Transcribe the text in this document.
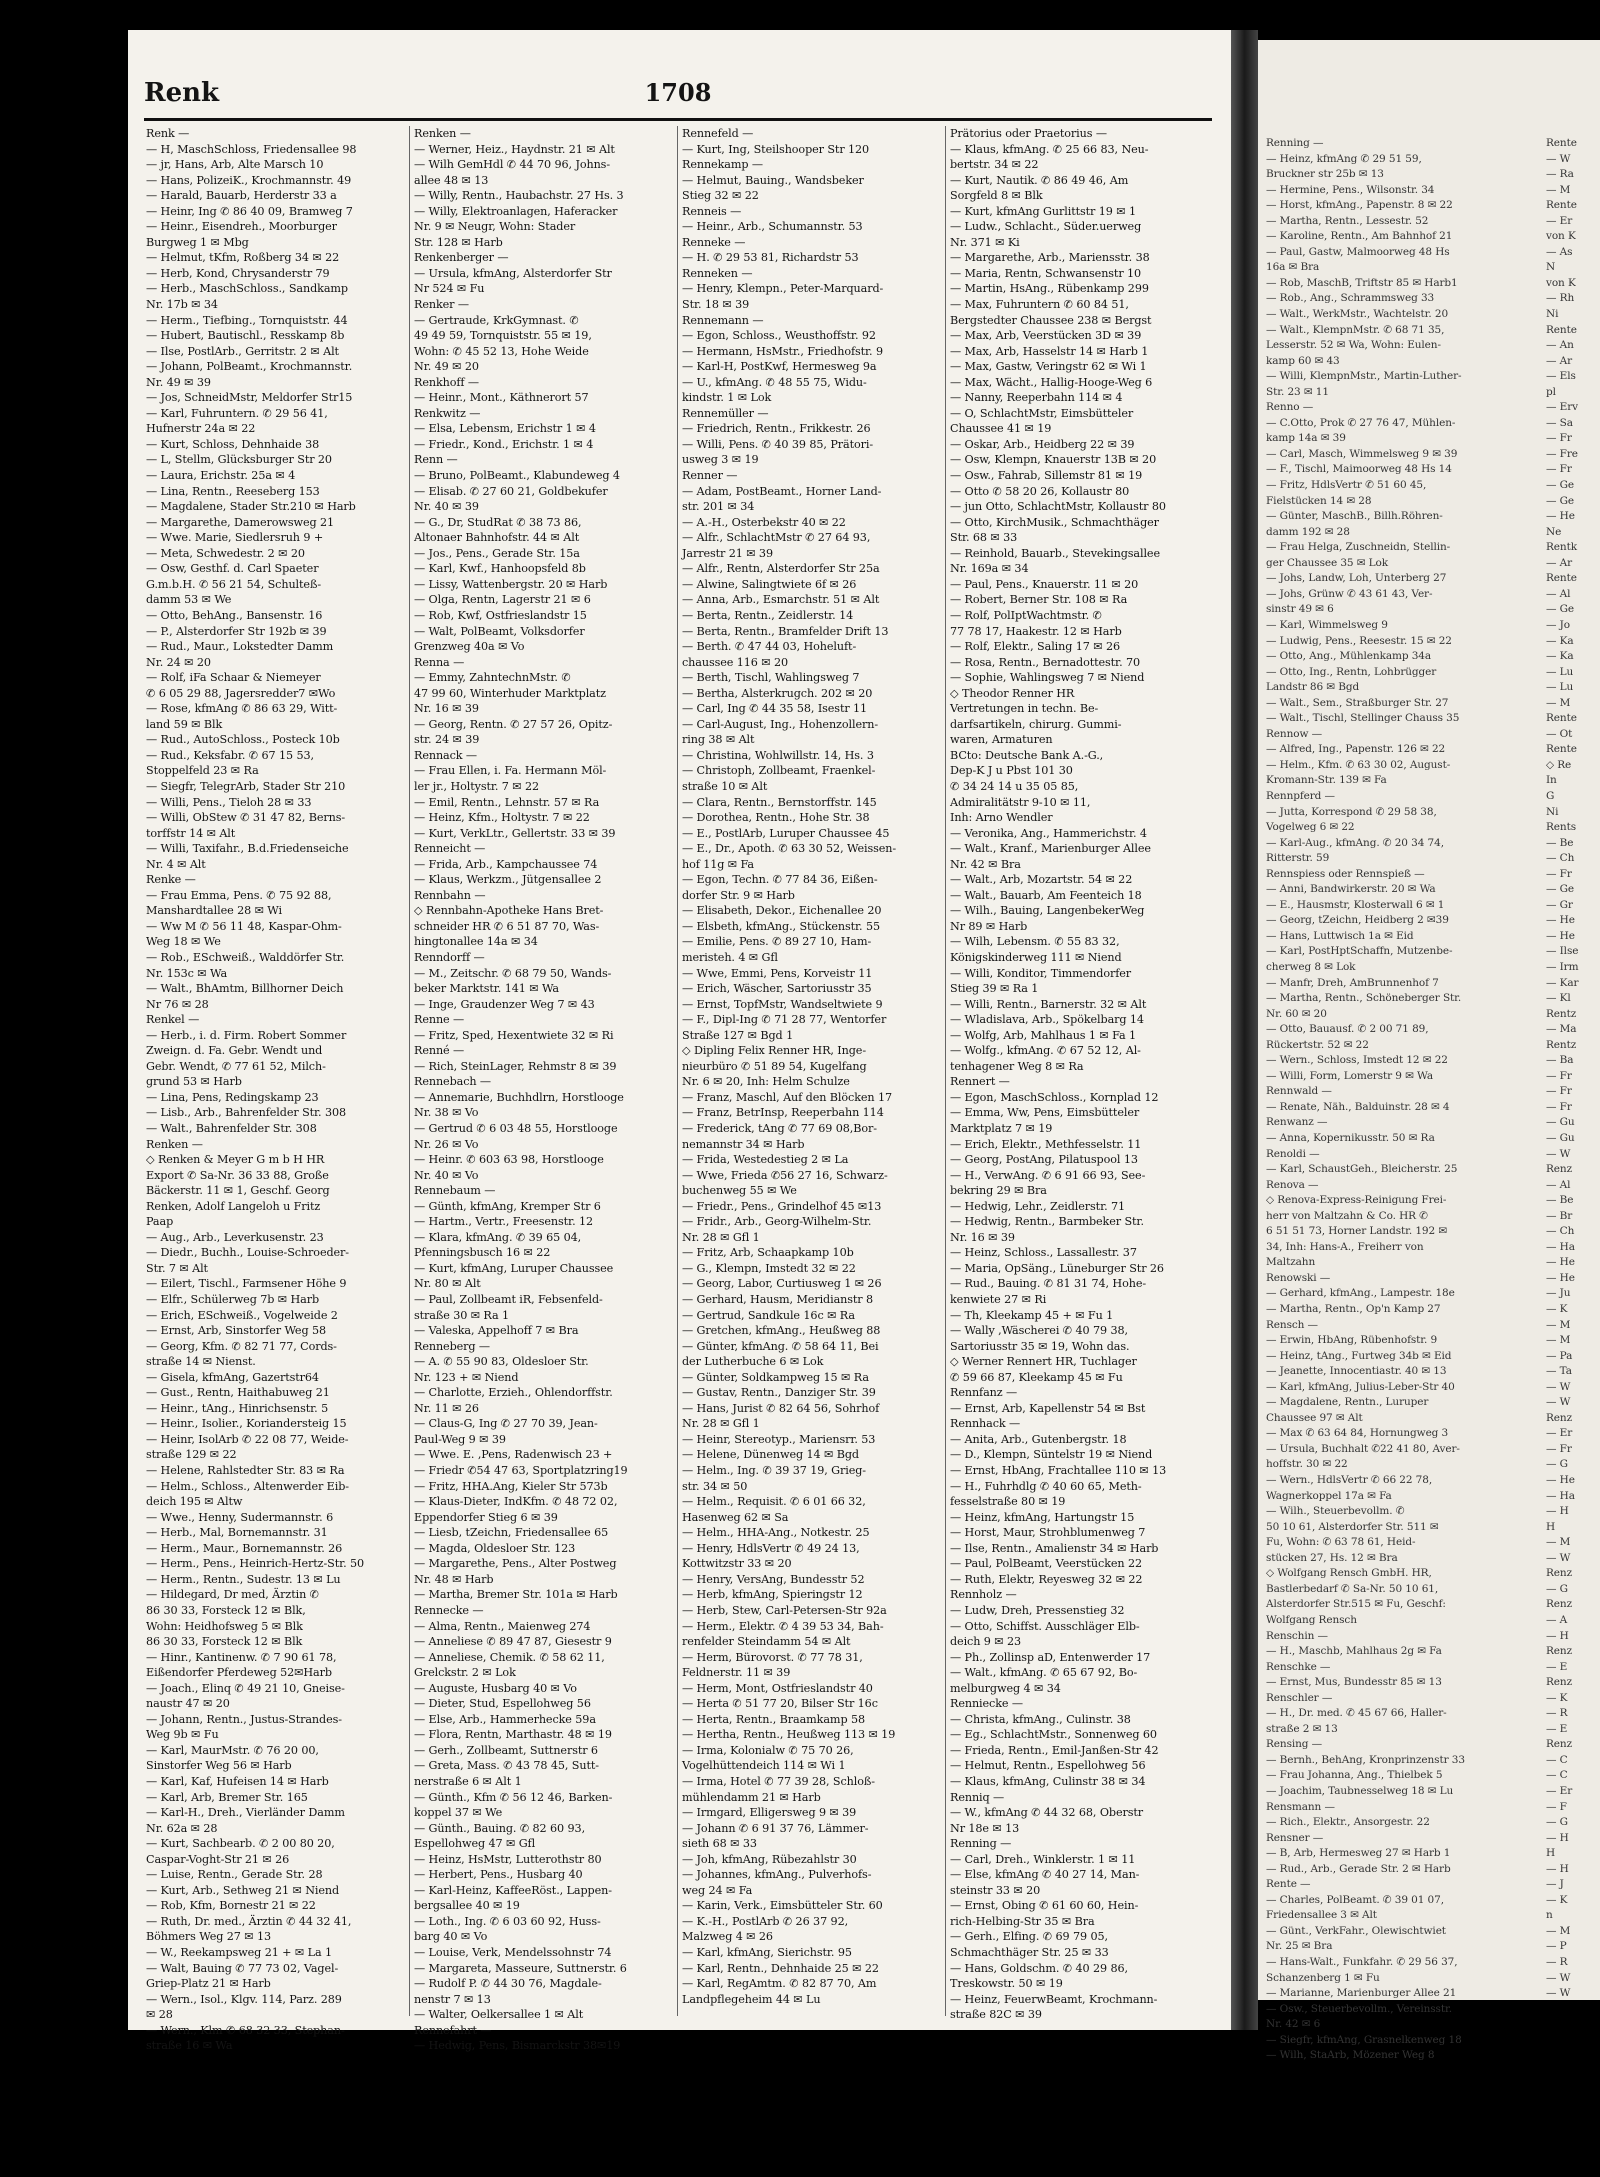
Renk	1708
Renk —
— H, MaschSchloss, Friedensallee 98
— jr, Hans, Arb, Alte Marsch 10
— Hans, PolizeiK., Krochmannstr. 49
— Harald, Bauarb, Herderstr 33 a
— Heinr, Ing ✆ 86 40 09, Bramweg 7
— Heinr., Eisendreh., Moorburger
Burgweg 1 ✉ Mbg
— Helmut, tKfm, Roßberg 34 ✉ 22
— Herb, Kond, Chrysanderstr 79
— Herb., MaschSchloss., Sandkamp
Nr. 17b ✉ 34
— Herm., Tiefbing., Tornquiststr. 44
— Hubert, Bautischl., Resskamp 8b
— Ilse, PostlArb., Gerritstr. 2 ✉ Alt
— Johann, PolBeamt., Krochmannstr.
Nr. 49 ✉ 39
— Jos, SchneidMstr, Meldorfer Str15
— Karl, Fuhruntern. ✆ 29 56 41,
Hufnerstr 24a ✉ 22
— Kurt, Schloss, Dehnhaide 38
— L, Stellm, Glücksburger Str 20
— Laura, Erichstr. 25a ✉ 4
— Lina, Rentn., Reeseberg 153
— Magdalene, Stader Str.210 ✉ Harb
— Margarethe, Damerowsweg 21
— Wwe. Marie, Siedlersruh 9 +
— Meta, Schwedestr. 2 ✉ 20
— Osw, Gesthf. d. Carl Spaeter
G.m.b.H. ✆ 56 21 54, Schulteß-
damm 53 ✉ We
— Otto, BehAng., Bansenstr. 16
— P., Alsterdorfer Str 192b ✉ 39
— Rud., Maur., Lokstedter Damm
Nr. 24 ✉ 20
— Rolf, iFa Schaar & Niemeyer
✆ 6 05 29 88, Jagersredder7 ✉Wo
— Rose, kfmAng ✆ 86 63 29, Witt-
land 59 ✉ Blk
— Rud., AutoSchloss., Posteck 10b
— Rud., Keksfabr. ✆ 67 15 53,
Stoppelfeld 23 ✉ Ra
— Siegfr, TelegrArb, Stader Str 210
— Willi, Pens., Tieloh 28 ✉ 33
— Willi, ObStew ✆ 31 47 82, Berns-
torffstr 14 ✉ Alt
— Willi, Taxifahr., B.d.Friedenseiche
Nr. 4 ✉ Alt
Renke —
— Frau Emma, Pens. ✆ 75 92 88,
Manshardtallee 28 ✉ Wi
— Ww M ✆ 56 11 48, Kaspar-Ohm-
Weg 18 ✉ We
— Rob., ESchweiß., Walddörfer Str.
Nr. 153c ✉ Wa
— Walt., BhAmtm, Billhorner Deich
Nr 76 ✉ 28
Renkel —
— Herb., i. d. Firm. Robert Sommer
Zweign. d. Fa. Gebr. Wendt und
Gebr. Wendt, ✆ 77 61 52, Milch-
grund 53 ✉ Harb
— Lina, Pens, Redingskamp 23
— Lisb., Arb., Bahrenfelder Str. 308
— Walt., Bahrenfelder Str. 308
Renken —
◇ Renken & Meyer G m b H HR
Export ✆ Sa-Nr. 36 33 88, Große
Bäckerstr. 11 ✉ 1, Geschf. Georg
Renken, Adolf Langeloh u Fritz
Paap
— Aug., Arb., Leverkusenstr. 23
— Diedr., Buchh., Louise-Schroeder-
Str. 7 ✉ Alt
— Eilert, Tischl., Farmsener Höhe 9
— Elfr., Schülerweg 7b ✉ Harb
— Erich, ESchweiß., Vogelweide 2
— Ernst, Arb, Sinstorfer Weg 58
— Georg, Kfm. ✆ 82 71 77, Cords-
straße 14 ✉ Nienst.
— Gisela, kfmAng, Gazertstr64
— Gust., Rentn, Haithabuweg 21
— Heinr., tAng., Hinrichsenstr. 5
— Heinr., Isolier., Koriandersteig 15
— Heinr, IsolArb ✆ 22 08 77, Weide-
straße 129 ✉ 22
— Helene, Rahlstedter Str. 83 ✉ Ra
— Helm., Schloss., Altenwerder Eib-
deich 195 ✉ Altw
— Wwe., Henny, Sudermannstr. 6
— Herb., Mal, Bornemannstr. 31
— Herm., Maur., Bornemannstr. 26
— Herm., Pens., Heinrich-Hertz-Str. 50
— Herm., Rentn., Sudestr. 13 ✉ Lu
— Hildegard, Dr med, Ärztin ✆
86 30 33, Forsteck 12 ✉ Blk,
Wohn: Heidhofsweg 5 ✉ Blk
86 30 33, Forsteck 12 ✉ Blk
— Hinr., Kantinenw. ✆ 7 90 61 78,
Eißendorfer Pferdeweg 52✉Harb
— Joach., Elinq ✆ 49 21 10, Gneise-
naustr 47 ✉ 20
— Johann, Rentn., Justus-Strandes-
Weg 9b ✉ Fu
— Karl, MaurMstr. ✆ 76 20 00,
Sinstorfer Weg 56 ✉ Harb
— Karl, Kaf, Hufeisen 14 ✉ Harb
— Karl, Arb, Bremer Str. 165
— Karl-H., Dreh., Vierländer Damm
Nr. 62a ✉ 28
— Kurt, Sachbearb. ✆ 2 00 80 20,
Caspar-Voght-Str 21 ✉ 26
— Luise, Rentn., Gerade Str. 28
— Kurt, Arb., Sethweg 21 ✉ Niend
— Rob, Kfm, Bornestr 21 ✉ 22
— Ruth, Dr. med., Ärztin ✆ 44 32 41,
Böhmers Weg 27 ✉ 13
— W., Reekampsweg 21 + ✉ La 1
— Walt, Bauing ✆ 77 73 02, Vagel-
Griep-Platz 21 ✉ Harb
— Wern., Isol., Klgv. 114, Parz. 289
✉ 28
— Wern., Klm ✆ 68 32 33, Stephan-
straße 16 ✉ Wa
Renken —
— Werner, Heiz., Haydnstr. 21 ✉ Alt
— Wilh GemHdl ✆ 44 70 96, Johns-
allee 48 ✉ 13
— Willy, Rentn., Haubachstr. 27 Hs. 3
— Willy, Elektroanlagen, Haferacker
Nr. 9 ✉ Neugr, Wohn: Stader
Str. 128 ✉ Harb
Renkenberger —
— Ursula, kfmAng, Alsterdorfer Str
Nr 524 ✉ Fu
Renker —
— Gertraude, KrkGymnast. ✆
49 49 59, Tornquiststr. 55 ✉ 19,
Wohn: ✆ 45 52 13, Hohe Weide
Nr. 49 ✉ 20
Renkhoff —
— Heinr., Mont., Käthnerort 57
Renkwitz —
— Elsa, Lebensm, Erichstr 1 ✉ 4
— Friedr., Kond., Erichstr. 1 ✉ 4
Renn —
— Bruno, PolBeamt., Klabundeweg 4
— Elisab. ✆ 27 60 21, Goldbekufer
Nr. 40 ✉ 39
— G., Dr, StudRat ✆ 38 73 86,
Altonaer Bahnhofstr. 44 ✉ Alt
— Jos., Pens., Gerade Str. 15a
— Karl, Kwf., Hanhoopsfeld 8b
— Lissy, Wattenbergstr. 20 ✉ Harb
— Olga, Rentn, Lagerstr 21 ✉ 6
— Rob, Kwf, Ostfrieslandstr 15
— Walt, PolBeamt, Volksdorfer
Grenzweg 40a ✉ Vo
Renna —
— Emmy, ZahntechnMstr. ✆
47 99 60, Winterhuder Marktplatz
Nr. 16 ✉ 39
— Georg, Rentn. ✆ 27 57 26, Opitz-
str. 24 ✉ 39
Rennack —
— Frau Ellen, i. Fa. Hermann Möl-
ler jr., Holtystr. 7 ✉ 22
— Emil, Rentn., Lehnstr. 57 ✉ Ra
— Heinz, Kfm., Holtystr. 7 ✉ 22
— Kurt, VerkLtr., Gellertstr. 33 ✉ 39
Renneicht —
— Frida, Arb., Kampchaussee 74
— Klaus, Werkzm., Jütgensallee 2
Rennbahn —
◇ Rennbahn-Apotheke Hans Bret-
schneider HR ✆ 6 51 87 70, Was-
hingtonallee 14a ✉ 34
Renndorff —
— M., Zeitschr. ✆ 68 79 50, Wands-
beker Marktstr. 141 ✉ Wa
— Inge, Graudenzer Weg 7 ✉ 43
Renne —
— Fritz, Sped, Hexentwiete 32 ✉ Ri
Renné —
— Rich, SteinLager, Rehmstr 8 ✉ 39
Rennebach —
— Annemarie, Buchhdlrn, Horstlooge
Nr. 38 ✉ Vo
— Gertrud ✆ 6 03 48 55, Horstlooge
Nr. 26 ✉ Vo
— Heinr. ✆ 603 63 98, Horstlooge
Nr. 40 ✉ Vo
Rennebaum —
— Günth, kfmAng, Kremper Str 6
— Hartm., Vertr., Freesenstr. 12
— Klara, kfmAng. ✆ 39 65 04,
Pfenningsbusch 16 ✉ 22
— Kurt, kfmAng, Luruper Chaussee
Nr. 80 ✉ Alt
— Paul, Zollbeamt iR, Febsenfeld-
straße 30 ✉ Ra 1
— Valeska, Appelhoff 7 ✉ Bra
Renneberg —
— A. ✆ 55 90 83, Oldesloer Str.
Nr. 123 + ✉ Niend
— Charlotte, Erzieh., Ohlendorffstr.
Nr. 11 ✉ 26
— Claus-G, Ing ✆ 27 70 39, Jean-
Paul-Weg 9 ✉ 39
— Wwe. E. ,Pens, Radenwisch 23 +
— Friedr ✆54 47 63, Sportplatzring19
— Fritz, HHA.Ang, Kieler Str 573b
— Klaus-Dieter, IndKfm. ✆ 48 72 02,
Eppendorfer Stieg 6 ✉ 39
— Liesb, tZeichn, Friedensallee 65
— Magda, Oldesloer Str. 123
— Margarethe, Pens., Alter Postweg
Nr. 48 ✉ Harb
— Martha, Bremer Str. 101a ✉ Harb
Rennecke —
— Alma, Rentn., Maienweg 274
— Anneliese ✆ 89 47 87, Giesestr 9
— Anneliese, Chemik. ✆ 58 62 11,
Grelckstr. 2 ✉ Lok
— Auguste, Husbarg 40 ✉ Vo
— Dieter, Stud, Espellohweg 56
— Else, Arb., Hammerhecke 59a
— Flora, Rentn, Marthastr. 48 ✉ 19
— Gerh., Zollbeamt, Suttnerstr 6
— Greta, Mass. ✆ 43 78 45, Sutt-
nerstraße 6 ✉ Alt 1
— Günth., Kfm ✆ 56 12 46, Barken-
koppel 37 ✉ We
— Günth., Bauing. ✆ 82 60 93,
Espellohweg 47 ✉ Gfl
— Heinz, HsMstr, Lutterothstr 80
— Herbert, Pens., Husbarg 40
— Karl-Heinz, KaffeeRöst., Lappen-
bergsallee 40 ✉ 19
— Loth., Ing. ✆ 6 03 60 92, Huss-
barg 40 ✉ Vo
— Louise, Verk, Mendelssohnstr 74
— Margareta, Masseure, Suttnerstr. 6
— Rudolf P. ✆ 44 30 76, Magdale-
nenstr 7 ✉ 13
— Walter, Oelkersallee 1 ✉ Alt
Rennefahrt —
— Hedwig, Pens, Bismarckstr 38✉19
Rennefeld —
— Kurt, Ing, Steilshooper Str 120
Rennekamp —
— Helmut, Bauing., Wandsbeker
Stieg 32 ✉ 22
Renneis —
— Heinr., Arb., Schumannstr. 53
Renneke —
— H. ✆ 29 53 81, Richardstr 53
Renneken —
— Henry, Klempn., Peter-Marquard-
Str. 18 ✉ 39
Rennemann —
— Egon, Schloss., Weusthoffstr. 92
— Hermann, HsMstr., Friedhofstr. 9
— Karl-H, PostKwf, Hermesweg 9a
— U., kfmAng. ✆ 48 55 75, Widu-
kindstr. 1 ✉ Lok
Rennemüller —
— Friedrich, Rentn., Frikkestr. 26
— Willi, Pens. ✆ 40 39 85, Prätori-
usweg 3 ✉ 19
Renner —
— Adam, PostBeamt., Horner Land-
str. 201 ✉ 34
— A.-H., Osterbekstr 40 ✉ 22
— Alfr., SchlachtMstr ✆ 27 64 93,
Jarrestr 21 ✉ 39
— Alfr., Rentn, Alsterdorfer Str 25a
— Alwine, Salingtwiete 6f ✉ 26
— Anna, Arb., Esmarchstr. 51 ✉ Alt
— Berta, Rentn., Zeidlerstr. 14
— Berta, Rentn., Bramfelder Drift 13
— Berth. ✆ 47 44 03, Hoheluft-
chaussee 116 ✉ 20
— Berth, Tischl, Wahlingsweg 7
— Bertha, Alsterkrugch. 202 ✉ 20
— Carl, Ing ✆ 44 35 58, Isestr 11
— Carl-August, Ing., Hohenzollern-
ring 38 ✉ Alt
— Christina, Wohlwillstr. 14, Hs. 3
— Christoph, Zollbeamt, Fraenkel-
straße 10 ✉ Alt
— Clara, Rentn., Bernstorffstr. 145
— Dorothea, Rentn., Hohe Str. 38
— E., PostlArb, Luruper Chaussee 45
— E., Dr., Apoth. ✆ 63 30 52, Weissen-
hof 11g ✉ Fa
— Egon, Techn. ✆ 77 84 36, Eißen-
dorfer Str. 9 ✉ Harb
— Elisabeth, Dekor., Eichenallee 20
— Elsbeth, kfmAng., Stückenstr. 55
— Emilie, Pens. ✆ 89 27 10, Ham-
meristeh. 4 ✉ Gfl
— Wwe, Emmi, Pens, Korveistr 11
— Erich, Wäscher, Sartoriusstr 35
— Ernst, TopfMstr, Wandseltwiete 9
— F., Dipl-Ing ✆ 71 28 77, Wentorfer
Straße 127 ✉ Bgd 1
◇ Dipling Felix Renner HR, Inge-
nieurbüro ✆ 51 89 54, Kugelfang
Nr. 6 ✉ 20, Inh: Helm Schulze
— Franz, Maschl, Auf den Blöcken 17
— Franz, BetrInsp, Reeperbahn 114
— Frederick, tAng ✆ 77 69 08,Bor-
nemannstr 34 ✉ Harb
— Frida, Westedestieg 2 ✉ La
— Wwe, Frieda ✆56 27 16, Schwarz-
buchenweg 55 ✉ We
— Friedr., Pens., Grindelhof 45 ✉13
— Fridr., Arb., Georg-Wilhelm-Str.
Nr. 28 ✉ Gfl 1
— Fritz, Arb, Schaapkamp 10b
— G., Klempn, Imstedt 32 ✉ 22
— Georg, Labor, Curtiusweg 1 ✉ 26
— Gerhard, Hausm, Meridianstr 8
— Gertrud, Sandkule 16c ✉ Ra
— Gretchen, kfmAng., Heußweg 88
— Günter, kfmAng. ✆ 58 64 11, Bei
der Lutherbuche 6 ✉ Lok
— Günter, Soldkampweg 15 ✉ Ra
— Gustav, Rentn., Danziger Str. 39
— Hans, Jurist ✆ 82 64 56, Sohrhof
Nr. 28 ✉ Gfl 1
— Heinr, Stereotyp., Mariensrr. 53
— Helene, Dünenweg 14 ✉ Bgd
— Helm., Ing. ✆ 39 37 19, Grieg-
str. 34 ✉ 50
— Helm., Requisit. ✆ 6 01 66 32,
Hasenweg 62 ✉ Sa
— Helm., HHA-Ang., Notkestr. 25
— Henry, HdlsVertr ✆ 49 24 13,
Kottwitzstr 33 ✉ 20
— Henry, VersAng, Bundesstr 52
— Herb, kfmAng, Spieringstr 12
— Herb, Stew, Carl-Petersen-Str 92a
— Herm., Elektr. ✆ 4 39 53 34, Bah-
renfelder Steindamm 54 ✉ Alt
— Herm, Bürovorst. ✆ 77 78 31,
Feldnerstr. 11 ✉ 39
— Herm, Mont, Ostfrieslandstr 40
— Herta ✆ 51 77 20, Bilser Str 16c
— Herta, Rentn., Braamkamp 58
— Hertha, Rentn., Heußweg 113 ✉ 19
— Irma, Kolonialw ✆ 75 70 26,
Vogelhüttendeich 114 ✉ Wi 1
— Irma, Hotel ✆ 77 39 28, Schloß-
mühlendamm 21 ✉ Harb
— Irmgard, Elligersweg 9 ✉ 39
— Johann ✆ 6 91 37 76, Lämmer-
sieth 68 ✉ 33
— Joh, kfmAng, Rübezahlstr 30
— Johannes, kfmAng., Pulverhofs-
weg 24 ✉ Fa
— Karin, Verk., Eimsbütteler Str. 60
— K.-H., PostlArb ✆ 26 37 92,
Malzweg 4 ✉ 26
— Karl, kfmAng, Sierichstr. 95
— Karl, Rentn., Dehnhaide 25 ✉ 22
— Karl, RegAmtm. ✆ 82 87 70, Am
Landpflegeheim 44 ✉ Lu
Prätorius oder Praetorius —
— Klaus, kfmAng. ✆ 25 66 83, Neu-
bertstr. 34 ✉ 22
— Kurt, Nautik. ✆ 86 49 46, Am
Sorgfeld 8 ✉ Blk
— Kurt, kfmAng Gurlittstr 19 ✉ 1
— Ludw., Schlacht., Süder.uerweg
Nr. 371 ✉ Ki
— Margarethe, Arb., Mariensstr. 38
— Maria, Rentn, Schwansenstr 10
— Martin, HsAng., Rübenkamp 299
— Max, Fuhruntern ✆ 60 84 51,
Bergstedter Chaussee 238 ✉ Bergst
— Max, Arb, Veerstücken 3D ✉ 39
— Max, Arb, Hasselstr 14 ✉ Harb 1
— Max, Gastw, Veringstr 62 ✉ Wi 1
— Max, Wächt., Hallig-Hooge-Weg 6
— Nanny, Reeperbahn 114 ✉ 4
— O, SchlachtMstr, Eimsbütteler
Chaussee 41 ✉ 19
— Oskar, Arb., Heidberg 22 ✉ 39
— Osw, Klempn, Knauerstr 13B ✉ 20
— Osw., Fahrab, Sillemstr 81 ✉ 19
— Otto ✆ 58 20 26, Kollaustr 80
— jun Otto, SchlachtMstr, Kollaustr 80
— Otto, KirchMusik., Schmachthäger
Str. 68 ✉ 33
— Reinhold, Bauarb., Stevekingsallee
Nr. 169a ✉ 34
— Paul, Pens., Knauerstr. 11 ✉ 20
— Robert, Berner Str. 108 ✉ Ra
— Rolf, PolIptWachtmstr. ✆
77 78 17, Haakestr. 12 ✉ Harb
— Rolf, Elektr., Saling 17 ✉ 26
— Rosa, Rentn., Bernadottestr. 70
— Sophie, Wahlingsweg 7 ✉ Niend
◇ Theodor Renner HR
Vertretungen in techn. Be-
darfsartikeln, chirurg. Gummi-
waren, Armaturen
BCto: Deutsche Bank A.-G.,
Dep-K J u Pbst 101 30
✆ 34 24 14 u 35 05 85,
Admiralitätstr 9-10 ✉ 11,
Inh: Arno Wendler
— Veronika, Ang., Hammerichstr. 4
— Walt., Kranf., Marienburger Allee
Nr. 42 ✉ Bra
— Walt., Arb, Mozartstr. 54 ✉ 22
— Walt., Bauarb, Am Feenteich 18
— Wilh., Bauing, LangenbekerWeg
Nr 89 ✉ Harb
— Wilh, Lebensm. ✆ 55 83 32,
Königskinderweg 111 ✉ Niend
— Willi, Konditor, Timmendorfer
Stieg 39 ✉ Ra 1
— Willi, Rentn., Barnerstr. 32 ✉ Alt
— Wladislava, Arb., Spökelbarg 14
— Wolfg, Arb, Mahlhaus 1 ✉ Fa 1
— Wolfg., kfmAng. ✆ 67 52 12, Al-
tenhagener Weg 8 ✉ Ra
Rennert —
— Egon, MaschSchloss., Kornplad 12
— Emma, Ww, Pens, Eimsbütteler
Marktplatz 7 ✉ 19
— Erich, Elektr., Methfesselstr. 11
— Georg, PostAng, Pilatuspool 13
— H., VerwAng. ✆ 6 91 66 93, See-
bekring 29 ✉ Bra
— Hedwig, Lehr., Zeidlerstr. 71
— Hedwig, Rentn., Barmbeker Str.
Nr. 16 ✉ 39
— Heinz, Schloss., Lassallestr. 37
— Maria, OpSäng., Lüneburger Str 26
— Rud., Bauing. ✆ 81 31 74, Hohe-
kenwiete 27 ✉ Ri
— Th, Kleekamp 45 + ✉ Fu 1
— Wally ,Wäscherei ✆ 40 79 38,
Sartoriusstr 35 ✉ 19, Wohn das.
◇ Werner Rennert HR, Tuchlager
✆ 59 66 87, Kleekamp 45 ✉ Fu
Rennfanz —
— Ernst, Arb, Kapellenstr 54 ✉ Bst
Rennhack —
— Anita, Arb., Gutenbergstr. 18
— D., Klempn, Süntelstr 19 ✉ Niend
— Ernst, HbAng, Frachtallee 110 ✉ 13
— H., Fuhrhdlg ✆ 40 60 65, Meth-
fesselstraße 80 ✉ 19
— Heinz, kfmAng, Hartungstr 15
— Horst, Maur, Strohblumenweg 7
— Ilse, Rentn., Amalienstr 34 ✉ Harb
— Paul, PolBeamt, Veerstücken 22
— Ruth, Elektr, Reyesweg 32 ✉ 22
Rennholz —
— Ludw, Dreh, Pressenstieg 32
— Otto, Schiffst. Ausschläger Elb-
deich 9 ✉ 23
— Ph., Zollinsp aD, Entenwerder 17
— Walt., kfmAng. ✆ 65 67 92, Bo-
melburgweg 4 ✉ 34
Renniecke —
— Christa, kfmAng., Culinstr. 38
— Eg., SchlachtMstr., Sonnenweg 60
— Frieda, Rentn., Emil-Janßen-Str 42
— Helmut, Rentn., Espellohweg 56
— Klaus, kfmAng, Culinstr 38 ✉ 34
Renniq —
— W., kfmAng ✆ 44 32 68, Oberstr
Nr 18e ✉ 13
Renning —
— Carl, Dreh., Winklerstr. 1 ✉ 11
— Else, kfmAng ✆ 40 27 14, Man-
steinstr 33 ✉ 20
— Ernst, Obing ✆ 61 60 60, Hein-
rich-Helbing-Str 35 ✉ Bra
— Gerh., Elfing. ✆ 69 79 05,
Schmachthäger Str. 25 ✉ 33
— Hans, Goldschm. ✆ 40 29 86,
Treskowstr. 50 ✉ 19
— Heinz, FeuerwBeamt, Krochmann-
straße 82C ✉ 39
Renning —
— Heinz, kfmAng ✆ 29 51 59,
Bruckner str 25b ✉ 13
— Hermine, Pens., Wilsonstr. 34
— Horst, kfmAng., Papenstr. 8 ✉ 22
— Martha, Rentn., Lessestr. 52
— Karoline, Rentn., Am Bahnhof 21
— Paul, Gastw, Malmoorweg 48 Hs
16a ✉ Bra
— Rob, MaschB, Triftstr 85 ✉ Harb1
— Rob., Ang., Schrammsweg 33
— Walt., WerkMstr., Wachtelstr. 20
— Walt., KlempnMstr. ✆ 68 71 35,
Lesserstr. 52 ✉ Wa, Wohn: Eulen-
kamp 60 ✉ 43
— Willi, KlempnMstr., Martin-Luther-
Str. 23 ✉ 11
Renno —
— C.Otto, Prok ✆ 27 76 47, Mühlen-
kamp 14a ✉ 39
— Carl, Masch, Wimmelsweg 9 ✉ 39
— F., Tischl, Maimoorweg 48 Hs 14
— Fritz, HdlsVertr ✆ 51 60 45,
Fielstücken 14 ✉ 28
— Günter, MaschB., Billh.Röhren-
damm 192 ✉ 28
— Frau Helga, Zuschneidn, Stellin-
ger Chaussee 35 ✉ Lok
— Johs, Landw, Loh, Unterberg 27
— Johs, Grünw ✆ 43 61 43, Ver-
sinstr 49 ✉ 6
— Karl, Wimmelsweg 9
— Ludwig, Pens., Reesestr. 15 ✉ 22
— Otto, Ang., Mühlenkamp 34a
— Otto, Ing., Rentn, Lohbrügger
Landstr 86 ✉ Bgd
— Walt., Sem., Straßburger Str. 27
— Walt., Tischl, Stellinger Chauss 35
Rennow —
— Alfred, Ing., Papenstr. 126 ✉ 22
— Helm., Kfm. ✆ 63 30 02, August-
Kromann-Str. 139 ✉ Fa
Rennpferd —
— Jutta, Korrespond ✆ 29 58 38,
Vogelweg 6 ✉ 22
— Karl-Aug., kfmAng. ✆ 20 34 74,
Ritterstr. 59
Rennspiess oder Rennspieß —
— Anni, Bandwirkerstr. 20 ✉ Wa
— E., Hausmstr, Klosterwall 6 ✉ 1
— Georg, tZeichn, Heidberg 2 ✉39
— Hans, Luttwisch 1a ✉ Eid
— Karl, PostHptSchaffn, Mutzenbe-
cherweg 8 ✉ Lok
— Manfr, Dreh, AmBrunnenhof 7
— Martha, Rentn., Schöneberger Str.
Nr. 60 ✉ 20
— Otto, Bauausf. ✆ 2 00 71 89,
Rückertstr. 52 ✉ 22
— Wern., Schloss, Imstedt 12 ✉ 22
— Willi, Form, Lomerstr 9 ✉ Wa
Rennwald —
— Renate, Näh., Balduinstr. 28 ✉ 4
Renwanz —
— Anna, Kopernikusstr. 50 ✉ Ra
Renoldi —
— Karl, SchaustGeh., Bleicherstr. 25
Renova —
◇ Renova-Express-Reinigung Frei-
herr von Maltzahn & Co. HR ✆
6 51 51 73, Horner Landstr. 192 ✉
34, Inh: Hans-A., Freiherr von
Maltzahn
Renowski —
— Gerhard, kfmAng., Lampestr. 18e
— Martha, Rentn., Op'n Kamp 27
Rensch —
— Erwin, HbAng, Rübenhofstr. 9
— Heinz, tAng., Furtweg 34b ✉ Eid
— Jeanette, Innocentiastr. 40 ✉ 13
— Karl, kfmAng, Julius-Leber-Str 40
— Magdalene, Rentn., Luruper
Chaussee 97 ✉ Alt
— Max ✆ 63 64 84, Hornungweg 3
— Ursula, Buchhalt ✆22 41 80, Aver-
hoffstr. 30 ✉ 22
— Wern., HdlsVertr ✆ 66 22 78,
Wagnerkoppel 17a ✉ Fa
— Wilh., Steuerbevollm. ✆
50 10 61, Alsterdorfer Str. 511 ✉
Fu, Wohn: ✆ 63 78 61, Heid-
stücken 27, Hs. 12 ✉ Bra
◇ Wolfgang Rensch GmbH. HR,
Bastlerbedarf ✆ Sa-Nr. 50 10 61,
Alsterdorfer Str.515 ✉ Fu, Geschf:
Wolfgang Rensch
Renschin —
— H., Maschb, Mahlhaus 2g ✉ Fa
Renschke —
— Ernst, Mus, Bundesstr 85 ✉ 13
Renschler —
— H., Dr. med. ✆ 45 67 66, Haller-
straße 2 ✉ 13
Rensing —
— Bernh., BehAng, Kronprinzenstr 33
— Frau Johanna, Ang., Thielbek 5
— Joachim, Taubnesselweg 18 ✉ Lu
Rensmann —
— Rich., Elektr., Ansorgestr. 22
Rensner —
— B, Arb, Hermesweg 27 ✉ Harb 1
— Rud., Arb., Gerade Str. 2 ✉ Harb
Rente —
— Charles, PolBeamt. ✆ 39 01 07,
Friedensallee 3 ✉ Alt
— Günt., VerkFahr., Olewischtwiet
Nr. 25 ✉ Bra
— Hans-Walt., Funkfahr. ✆ 29 56 37,
Schanzenberg 1 ✉ Fu
— Marianne, Marienburger Allee 21
— Osw., Steuerbevollm., Vereinsstr.
Nr. 42 ✉ 6
— Siegfr, kfmAng, Grasnelkenweg 18
— Wilh, StaArb, Mözener Weg 8
Rente
— W
— Ra
— M
Rente
— Er
von K
— As
N
von K
— Rh
Ni
Rente
— An
— Ar
— Els
pl
— Erv
— Sa
— Fr
— Fre
— Fr
— Ge
— Ge
— He
Ne
Rentk
— Ar
Rente
— Al
— Ge
— Jo
— Ka
— Ka
— Lu
— Lu
— M
Rente
— Ot
Rente
◇ Re
In
G
Ni
Rents
— Be
— Ch
— Fr
— Ge
— Gr
— He
— He
— Ilse
— Irm
— Kar
— Kl
Rentz
— Ma
Rentz
— Ba
— Fr
— Fr
— Fr
— Gu
— Gu
— W
Renz
— Al
— Be
— Br
— Ch
— Ha
— He
— He
— Ju
— K
— M
— M
— Pa
— Ta
— W
— W
Renz
— Er
— Fr
— G
— He
— Ha
— H
H
— M
— W
Renz
— G
Renz
— A
— H
Renz
— E
Renz
— K
— R
— E
Renz
— C
— C
— Er
— F
— G
— H
H
— H
— J
— K
n
— M
— P
— R
— W
— W
